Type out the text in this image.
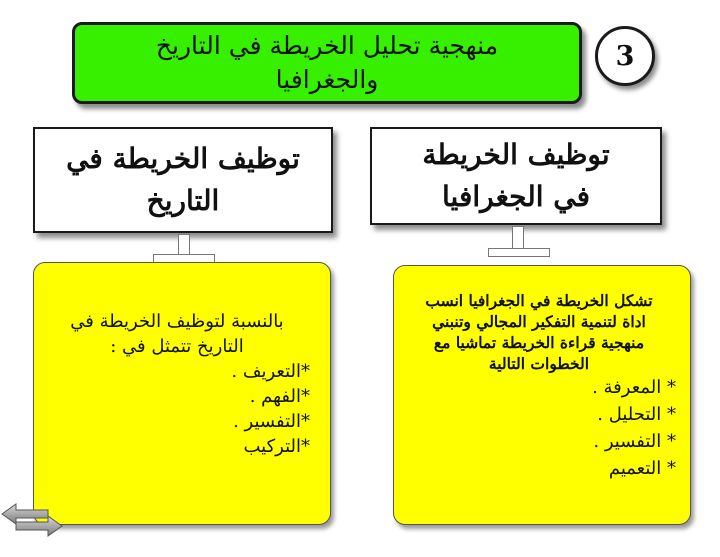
منهجية تحليل الخريطة في التاريخ
والجغرافيا
3
توظيف الخريطة في
التاريخ
توظيف الخريطة
في الجغرافيا
بالنسبة لتوظيف الخريطة في
التاريخ تتمثل في :
*التعريف .
*الفهم .
*التفسير .
*التركيب
تشكل الخريطة في الجغرافيا انسب
اداة لتنمية التفكير المجالي وتنبني
منهجية قراءة الخريطة تماشيا مع
الخطوات التالية
* المعرفة .
* التحليل .
* التفسير .
* التعميم
